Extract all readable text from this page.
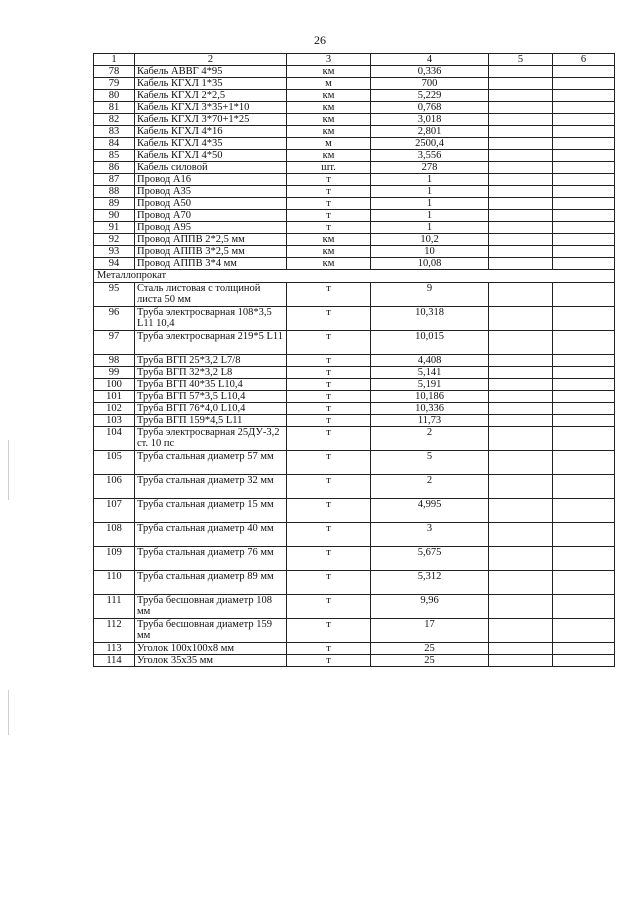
26
1	2	3	4	5	6
78	Кабель АВВГ 4*95	км	0,336		
79	Кабель КГХЛ 1*35	м	700		
80	Кабель КГХЛ 2*2,5	км	5,229		
81	Кабель КГХЛ 3*35+1*10	км	0,768		
82	Кабель КГХЛ 3*70+1*25	км	3,018		
83	Кабель КГХЛ 4*16	км	2,801		
84	Кабель КГХЛ 4*35	м	2500,4		
85	Кабель КГХЛ 4*50	км	3,556		
86	Кабель силовой	шт.	278		
87	Провод А16	т	1		
88	Провод А35	т	1		
89	Провод А50	т	1		
90	Провод А70	т	1		
91	Провод А95	т	1		
92	Провод АППВ 2*2,5 мм	км	10,2		
93	Провод АППВ 3*2,5 мм	км	10		
94	Провод АППВ 3*4 мм	км	10,08		
Металлопрокат					
95	Сталь листовая с толщиной листа 50 мм	т	9		
96	Труба электросварная 108*3,5 L11 10,4	т	10,318		
97	Труба электросварная 219*5 L11	т	10,015		
98	Труба ВГП 25*3,2 L7/8	т	4,408		
99	Труба ВГП 32*3,2 L8	т	5,141		
100	Труба ВГП 40*35 L10,4	т	5,191		
101	Труба ВГП 57*3,5 L10,4	т	10,186		
102	Труба ВГП 76*4,0 L10,4	т	10,336		
103	Труба ВГП 159*4,5 L11	т	11,73		
104	Труба электросварная 25ДУ-3,2 ст. 10 пс	т	2		
105	Труба стальная диаметр 57 мм	т	5		
106	Труба стальная диаметр 32 мм	т	2		
107	Труба стальная диаметр 15 мм	т	4,995		
108	Труба стальная диаметр 40 мм	т	3		
109	Труба стальная диаметр 76 мм	т	5,675		
110	Труба стальная диаметр 89 мм	т	5,312		
111	Труба бесшовная диаметр 108 мм	т	9,96		
112	Труба бесшовная диаметр 159 мм	т	17		
113	Уголок 100х100х8 мм	т	25		
114	Уголок 35х35 мм	т	25		
